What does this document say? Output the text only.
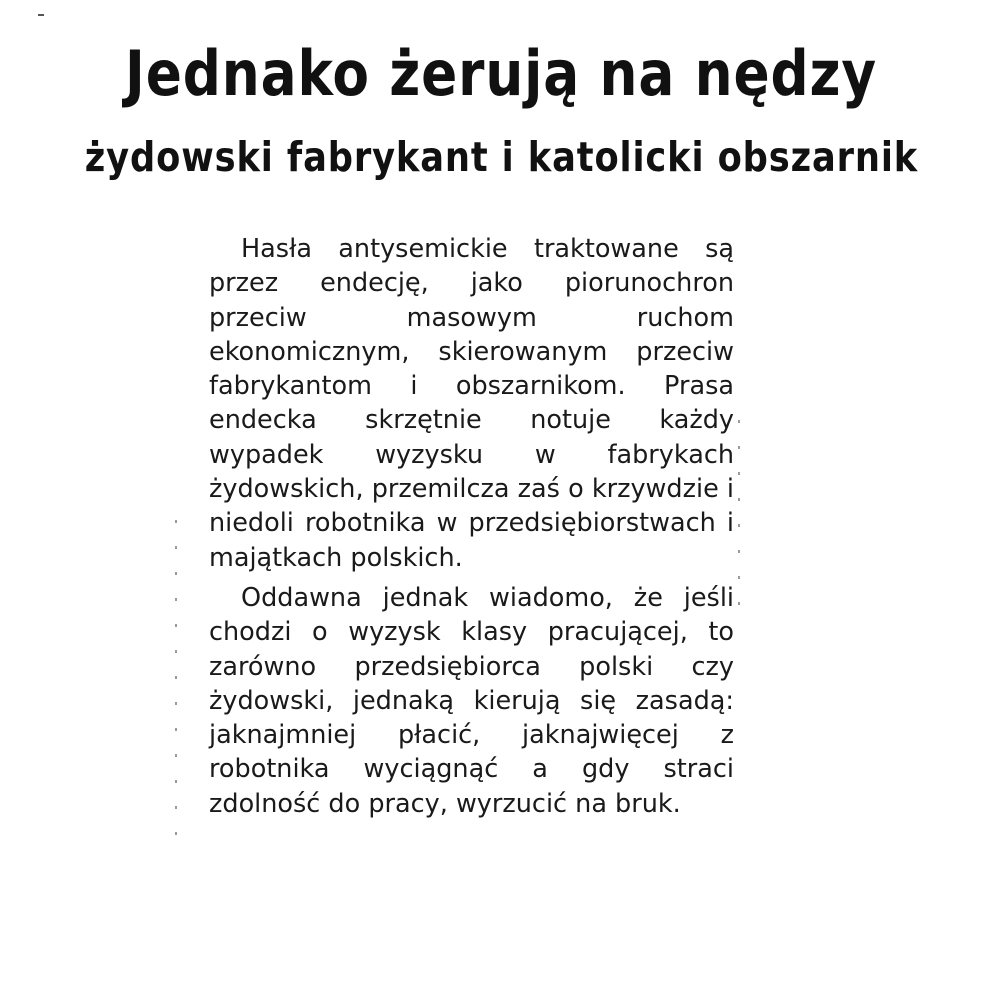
Jednako żerują na nędzy
żydowski fabrykant i katolicki obszarnik

Hasła antysemickie traktowane są przez endecję, jako piorunochron przeciw masowym ruchom ekonomicznym, skierowanym przeciw fabrykantom i obszarnikom. Prasa endecka skrzętnie notuje każdy wypadek wyzysku w fabrykach żydowskich, przemilcza zaś o krzywdzie i niedoli robotnika w przedsiębiorstwach i majątkach polskich.

Oddawna jednak wiadomo, że jeśli chodzi o wyzysk klasy pracującej, to zarówno przedsiębiorca polski czy żydowski, jednaką kierują się zasadą: jaknajmniej płacić, jaknajwięcej z robotnika wyciągnąć a gdy straci zdolność do pracy, wyrzucić na bruk.
